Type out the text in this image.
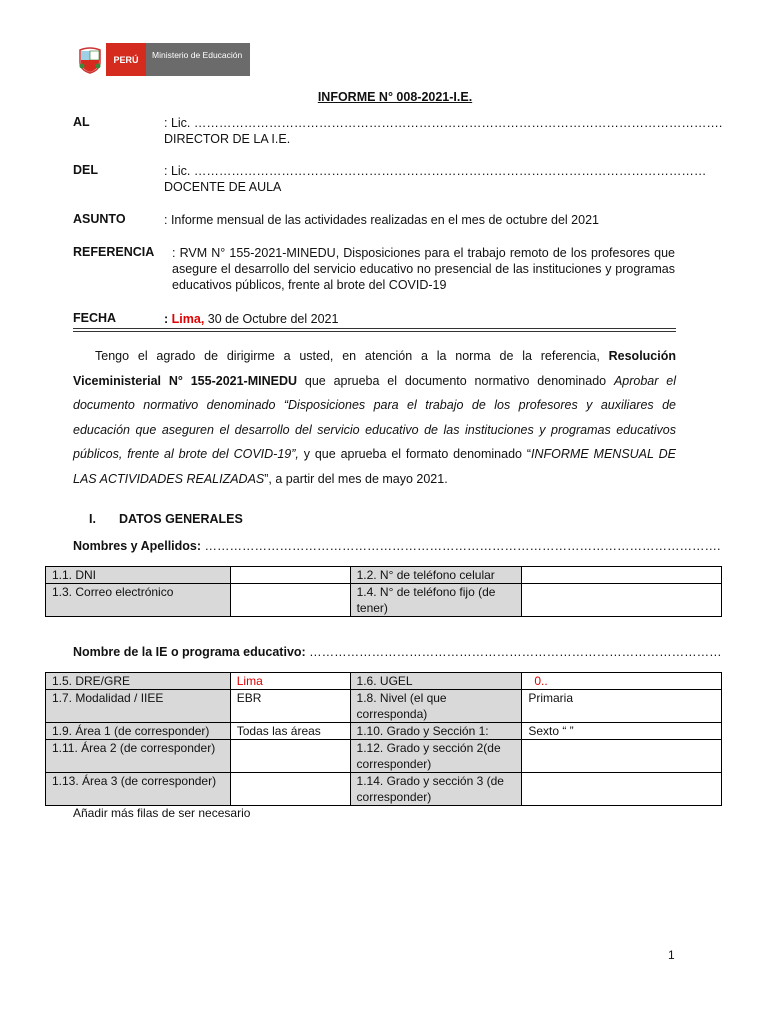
PERÚ	Ministerio de Educación
INFORME N° 008-2021-I.E.
AL	: Lic. ……………………………………………………………………………………………………………….
DIRECTOR DE LA I.E.
DEL	: Lic. ……………………………………………………………………………………………………………
DOCENTE DE AULA
ASUNTO	: Informe mensual de las actividades realizadas en el mes de octubre del 2021
REFERENCIA : RVM N° 155-2021-MINEDU, Disposiciones para el trabajo remoto de los profesores que asegure el desarrollo del servicio educativo no presencial de las instituciones y programas educativos públicos, frente al brote del COVID-19
FECHA	: Lima, 30 de Octubre del 2021
Tengo el agrado de dirigirme a usted, en atención a la norma de la referencia, Resolución Viceministerial N° 155-2021-MINEDU que aprueba el documento normativo denominado Aprobar el documento normativo denominado “Disposiciones para el trabajo de los profesores y auxiliares de educación que aseguren el desarrollo del servicio educativo de las instituciones y programas educativos públicos, frente al brote del COVID-19”, y que aprueba el formato denominado “INFORME MENSUAL DE LAS ACTIVIDADES REALIZADAS”, a partir del mes de mayo 2021.
I. DATOS GENERALES
Nombres y Apellidos: …………………………………………………………………………………………………………….
1.1. DNI		1.2. N° de teléfono celular	
1.3. Correo electrónico		1.4. N° de teléfono fijo (de tener)	
Nombre de la IE o programa educativo: ………………………………………………………………………………………
1.5. DRE/GRE	Lima	1.6. UGEL	0..
1.7. Modalidad / IIEE	EBR	1.8. Nivel (el que corresponda)	Primaria
1.9. Área 1 (de corresponder)	Todas las áreas	1.10. Grado y Sección 1:	Sexto “ ”
1.11. Área 2 (de corresponder)		1.12. Grado y sección 2(de corresponder)	
1.13. Área 3 (de corresponder)		1.14. Grado y sección 3 (de corresponder)	
Añadir más filas de ser necesario
1
